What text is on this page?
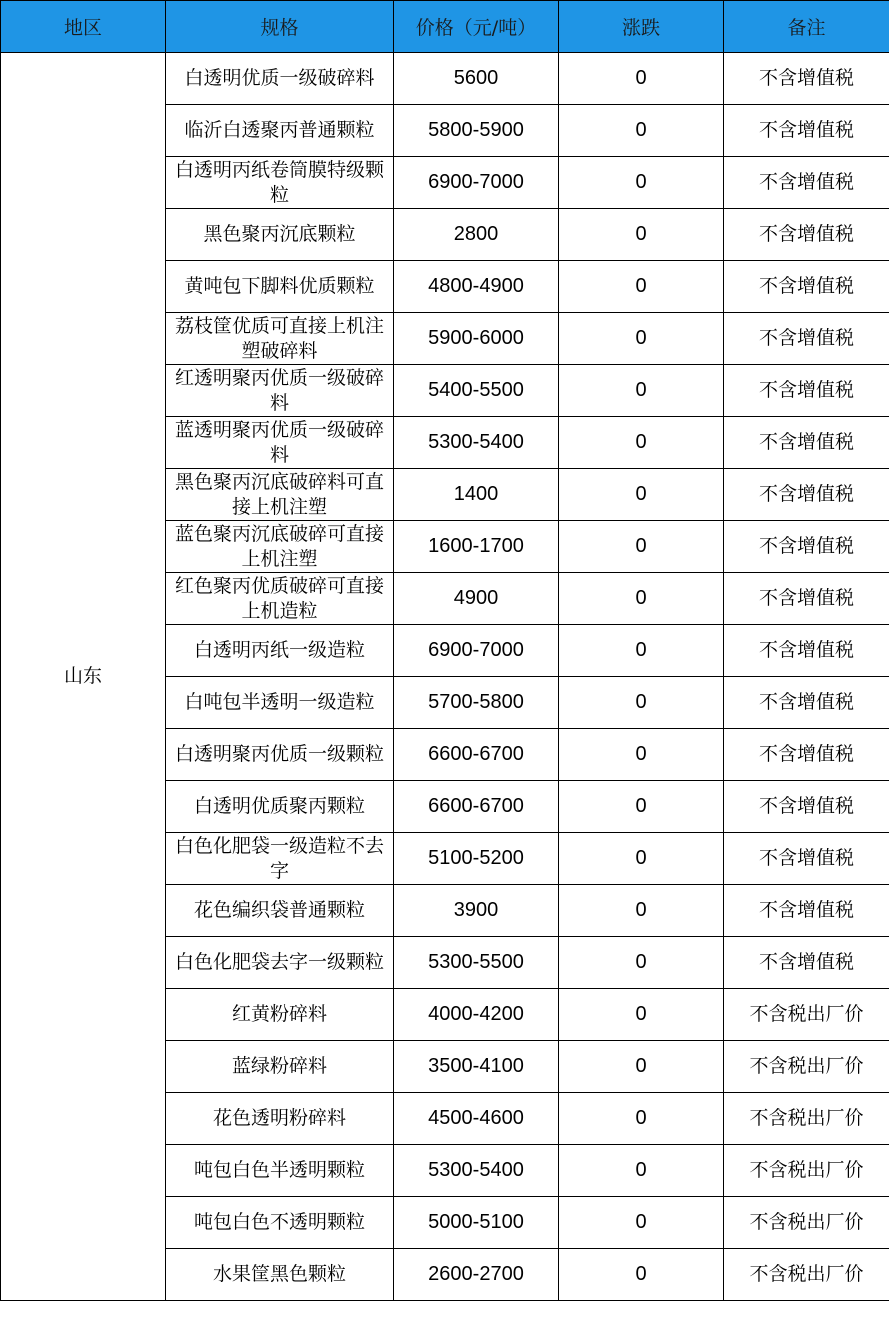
地区	规格	价格（元/吨）	涨跌	备注
山东	白透明优质一级破碎料	5600	0	不含增值税
	临沂白透聚丙普通颗粒	5800-5900	0	不含增值税
	白透明丙纸卷筒膜特级颗粒	6900-7000	0	不含增值税
	黑色聚丙沉底颗粒	2800	0	不含增值税
	黄吨包下脚料优质颗粒	4800-4900	0	不含增值税
	荔枝筐优质可直接上机注塑破碎料	5900-6000	0	不含增值税
	红透明聚丙优质一级破碎料	5400-5500	0	不含增值税
	蓝透明聚丙优质一级破碎料	5300-5400	0	不含增值税
	黑色聚丙沉底破碎料可直接上机注塑	1400	0	不含增值税
	蓝色聚丙沉底破碎可直接上机注塑	1600-1700	0	不含增值税
	红色聚丙优质破碎可直接上机造粒	4900	0	不含增值税
	白透明丙纸一级造粒	6900-7000	0	不含增值税
	白吨包半透明一级造粒	5700-5800	0	不含增值税
	白透明聚丙优质一级颗粒	6600-6700	0	不含增值税
	白透明优质聚丙颗粒	6600-6700	0	不含增值税
	白色化肥袋一级造粒不去字	5100-5200	0	不含增值税
	花色编织袋普通颗粒	3900	0	不含增值税
	白色化肥袋去字一级颗粒	5300-5500	0	不含增值税
	红黄粉碎料	4000-4200	0	不含税出厂价
	蓝绿粉碎料	3500-4100	0	不含税出厂价
	花色透明粉碎料	4500-4600	0	不含税出厂价
	吨包白色半透明颗粒	5300-5400	0	不含税出厂价
	吨包白色不透明颗粒	5000-5100	0	不含税出厂价
	水果筐黑色颗粒	2600-2700	0	不含税出厂价
